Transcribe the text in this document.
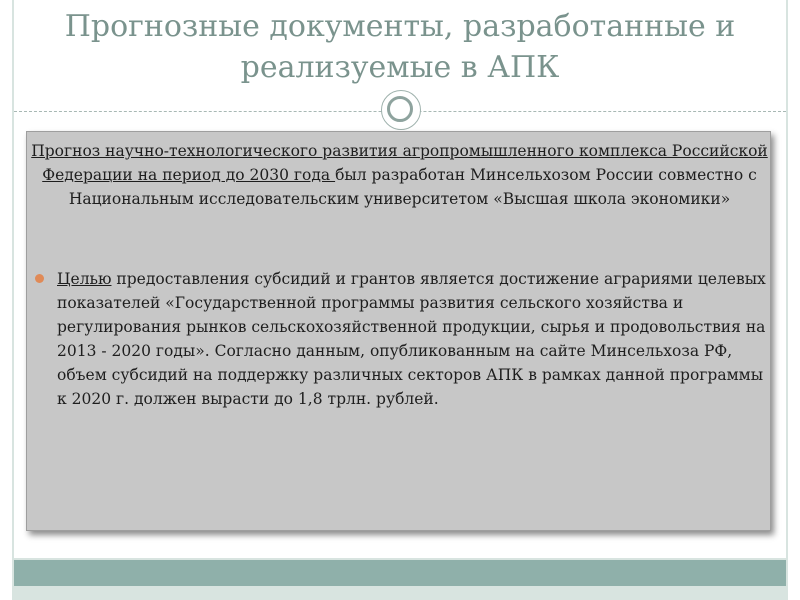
Прогнозные документы, разработанные и
реализуемые в АПК
Прогноз научно-технологического развития агропромышленного комплекса Российской Федерации на период до 2030 года был разработан Минсельхозом России совместно с Национальным исследовательским университетом «Высшая школа экономики»
Целью предоставления субсидий и грантов является достижение аграриями целевых показателей «Государственной программы развития сельского хозяйства и регулирования рынков сельскохозяйственной продукции, сырья и продовольствия на 2013 - 2020 годы». Согласно данным, опубликованным на сайте Минсельхоза РФ, объем субсидий на поддержку различных секторов АПК в рамках данной программы к 2020 г. должен вырасти до 1,8 трлн. рублей.
